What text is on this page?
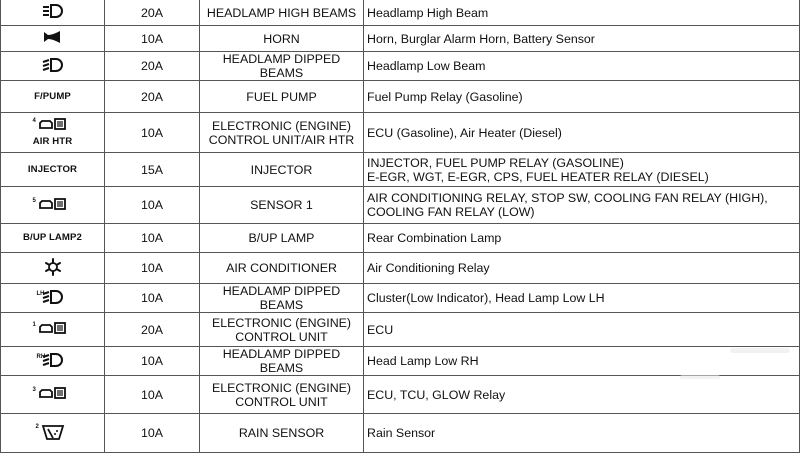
	20A	HEADLAMP HIGH BEAMS	Headlamp High Beam

	10A	HORN	Horn, Burglar Alarm Horn, Battery Sensor

	20A	HEADLAMP DIPPED BEAMS	Headlamp Low Beam

F/PUMP	20A	FUEL PUMP	Fuel Pump Relay (Gasoline)

4
AIR HTR	10A	ELECTRONIC (ENGINE)
CONTROL UNIT/AIR HTR	ECU (Gasoline), Air Heater (Diesel)

INJECTOR	15A	INJECTOR	INJECTOR, FUEL PUMP RELAY (GASOLINE)
E-EGR, WGT, E-EGR, CPS, FUEL HEATER RELAY (DIESEL)

5	10A	SENSOR 1	AIR CONDITIONING RELAY, STOP SW, COOLING FAN RELAY (HIGH),
COOLING FAN RELAY (LOW)

B/UP LAMP2	10A	B/UP LAMP	Rear Combination Lamp

	10A	AIR CONDITIONER	Air Conditioning Relay

LH	10A	HEADLAMP DIPPED BEAMS	Cluster(Low Indicator), Head Lamp Low LH

1	20A	ELECTRONIC (ENGINE)
CONTROL UNIT	ECU

RH	10A	HEADLAMP DIPPED BEAMS	Head Lamp Low RH

3	10A	ELECTRONIC (ENGINE)
CONTROL UNIT	ECU, TCU, GLOW Relay

2	10A	RAIN SENSOR	Rain Sensor
